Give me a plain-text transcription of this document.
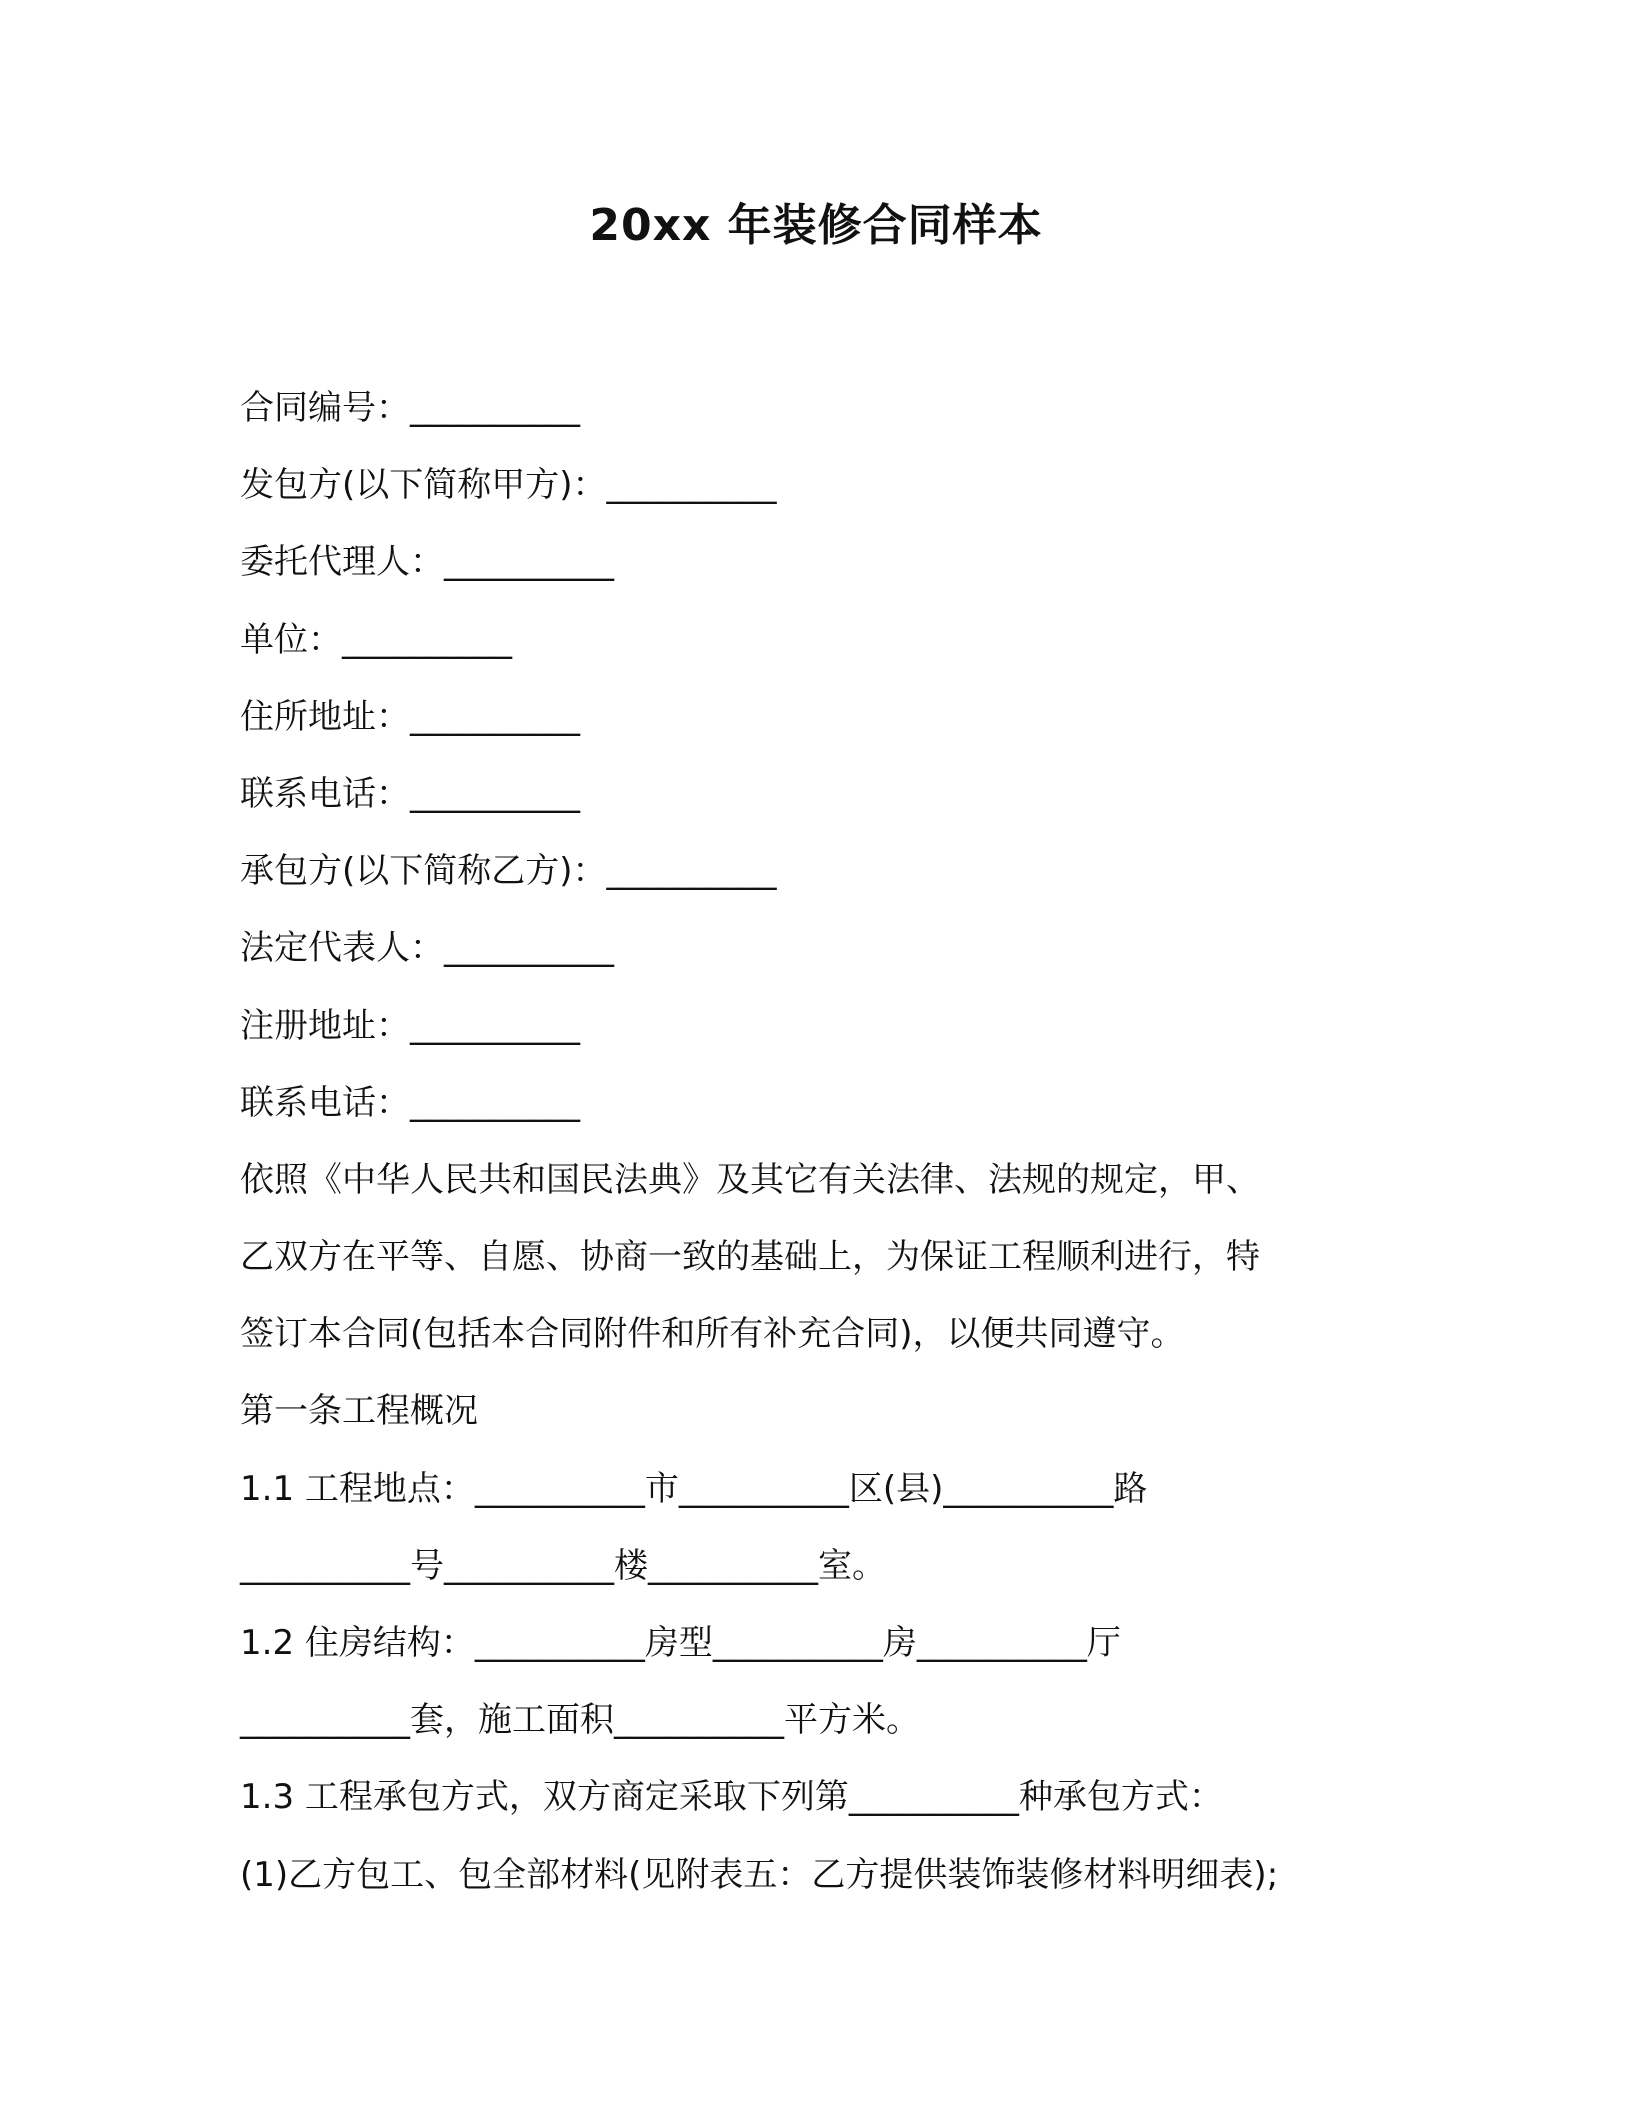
20xx 年装修合同样本
合同编号：__________
发包方(以下简称甲方)：__________
委托代理人：__________
单位：__________
住所地址：__________
联系电话：__________
承包方(以下简称乙方)：__________
法定代表人：__________
注册地址：__________
联系电话：__________
依照《中华人民共和国民法典》及其它有关法律、法规的规定，甲、
乙双方在平等、自愿、协商一致的基础上，为保证工程顺利进行，特
签订本合同(包括本合同附件和所有补充合同)，以便共同遵守。
第一条工程概况
1.1 工程地点：__________市__________区(县)__________路
__________号__________楼__________室。
1.2 住房结构：__________房型__________房__________厅
__________套，施工面积__________平方米。
1.3 工程承包方式，双方商定采取下列第__________种承包方式：
(1)乙方包工、包全部材料(见附表五：乙方提供装饰装修材料明细表);
